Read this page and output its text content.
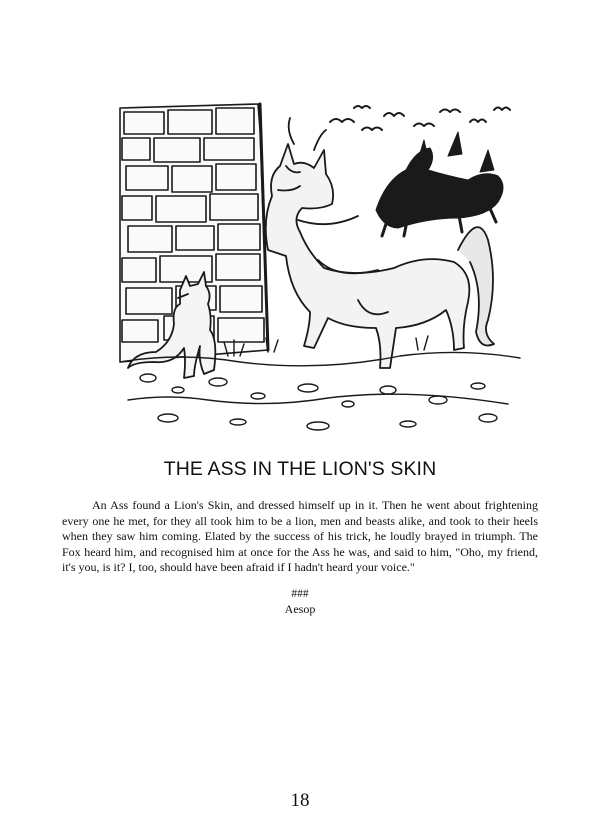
THE ASS IN THE LION'S SKIN

An Ass found a Lion's Skin, and dressed himself up in it. Then he went about frightening every one he met, for they all took him to be a lion, men and beasts alike, and took to their heels when they saw him coming. Elated by the success of his trick, he loudly brayed in triumph. The Fox heard him, and recognised him at once for the Ass he was, and said to him, "Oho, my friend, it's you, is it? I, too, should have been afraid if I hadn't heard your voice."

###
Aesop
18
